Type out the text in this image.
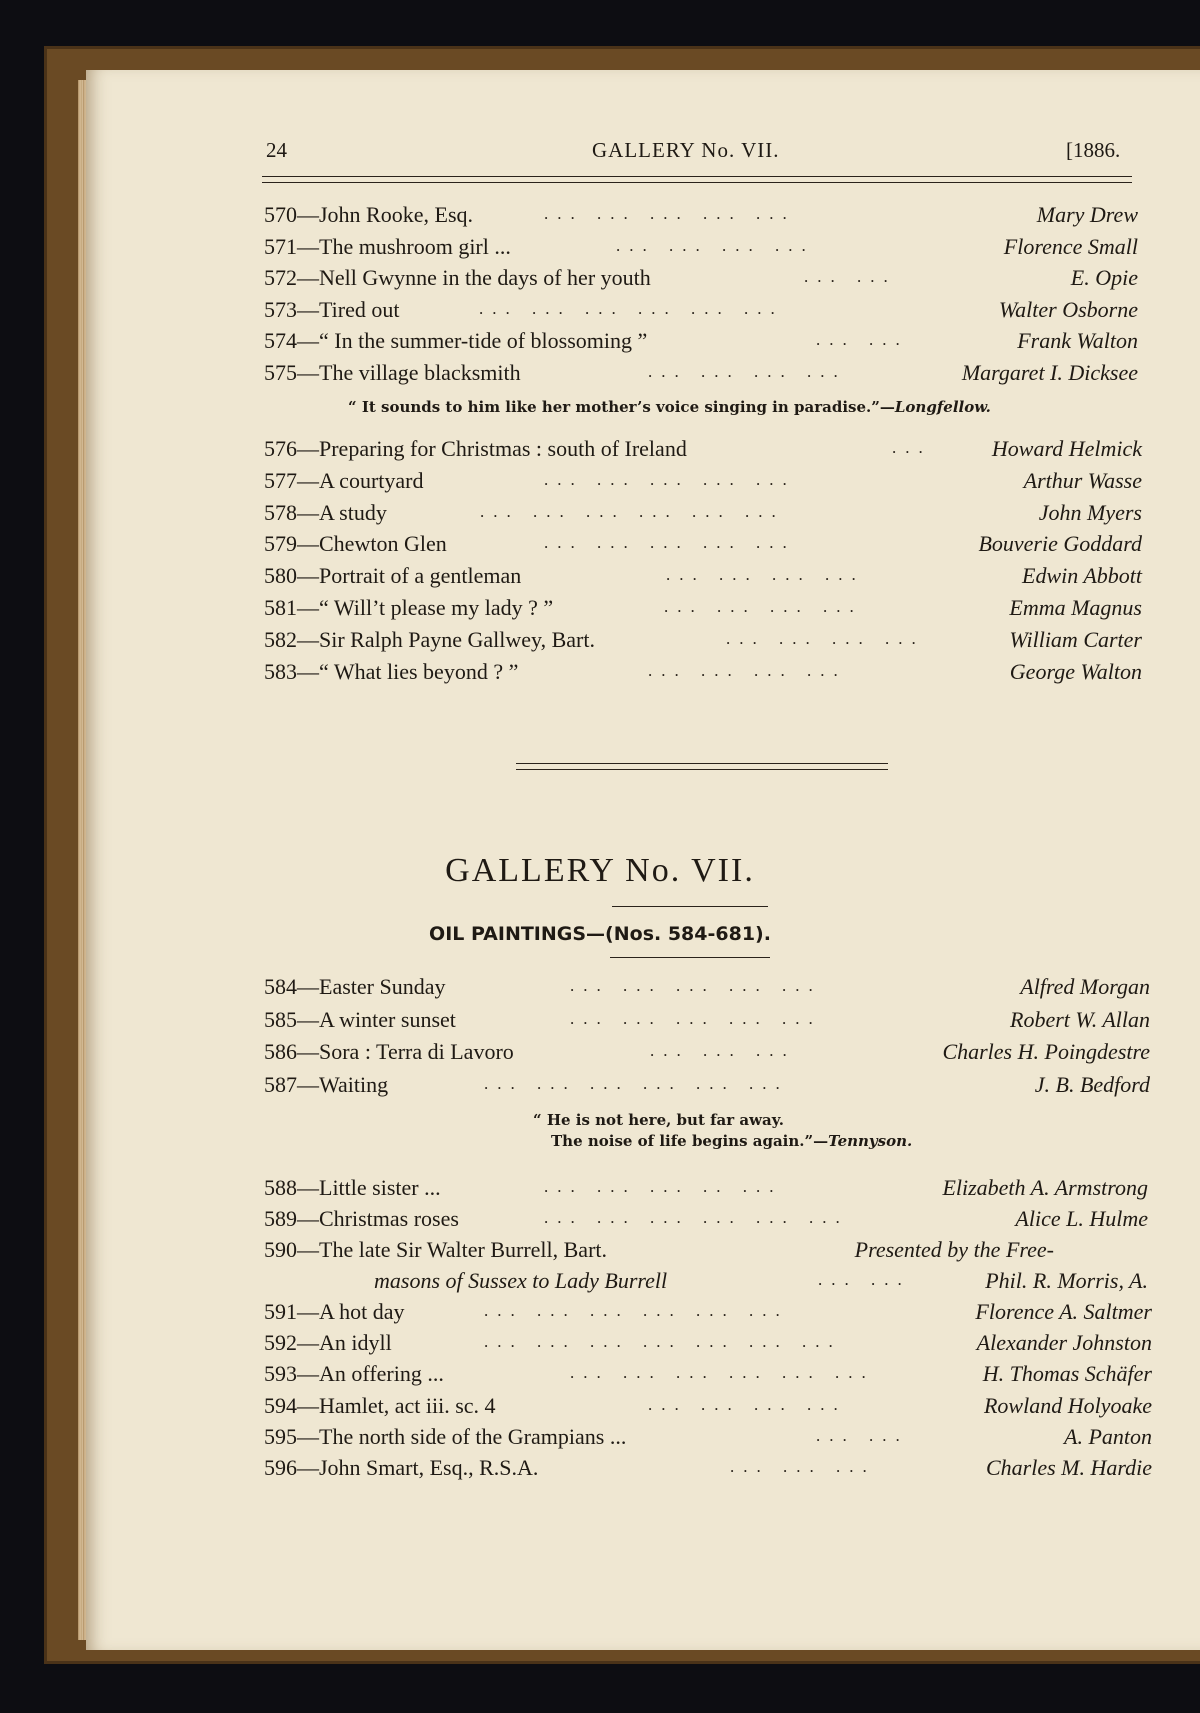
24	GALLERY No. VII.	[1886.
570—John Rooke, Esq.	... ... ... ... ...	Mary Drew
571—The mushroom girl ...	... ... ... ...	Florence Small
572—Nell Gwynne in the days of her youth	... ...	E. Opie
573—Tired out	... ... ... ... ... ...	Walter Osborne
574—“ In the summer-tide of blossoming ”	... ...	Frank Walton
575—The village blacksmith	... ... ... ...	Margaret I. Dicksee
“ It sounds to him like her mother’s voice singing in paradise.”—Longfellow.
576—Preparing for Christmas : south of Ireland	...	Howard Helmick
577—A courtyard	... ... ... ... ...	Arthur Wasse
578—A study	... ... ... ... ... ...	John Myers
579—Chewton Glen	... ... ... ... ...	Bouverie Goddard
580—Portrait of a gentleman	... ... ... ...	Edwin Abbott
581—“ Will’t please my lady ? ”	... ... ... ...	Emma Magnus
582—Sir Ralph Payne Gallwey, Bart.	... ... ... ...	William Carter
583—“ What lies beyond ? ”	... ... ... ...	George Walton
GALLERY No. VII.
OIL PAINTINGS—(Nos. 584-681).
584—Easter Sunday	... ... ... ... ...	Alfred Morgan
585—A winter sunset	... ... ... ... ...	Robert W. Allan
586—Sora : Terra di Lavoro	... ... ...	Charles H. Poingdestre
587—Waiting	... ... ... ... ... ...	J. B. Bedford
“ He is not here, but far away.
The noise of life begins again.”—Tennyson.
588—Little sister ...	... ... ... .. ...	Elizabeth A. Armstrong
589—Christmas roses	... ... ... ... ... ...	Alice L. Hulme
590—The late Sir Walter Burrell, Bart.	Presented by the Free-
masons of Sussex to Lady Burrell	... ...	Phil. R. Morris, A.
591—A hot day	... ... ... ... ... ...	Florence A. Saltmer
592—An idyll	... ... ... ... ... ... ...	Alexander Johnston
593—An offering ...	... ... ... ... ... ...	H. Thomas Schäfer
594—Hamlet, act iii. sc. 4	... ... ... ...	Rowland Holyoake
595—The north side of the Grampians ...	... ...	A. Panton
596—John Smart, Esq., R.S.A.	... ... ...	Charles M. Hardie
